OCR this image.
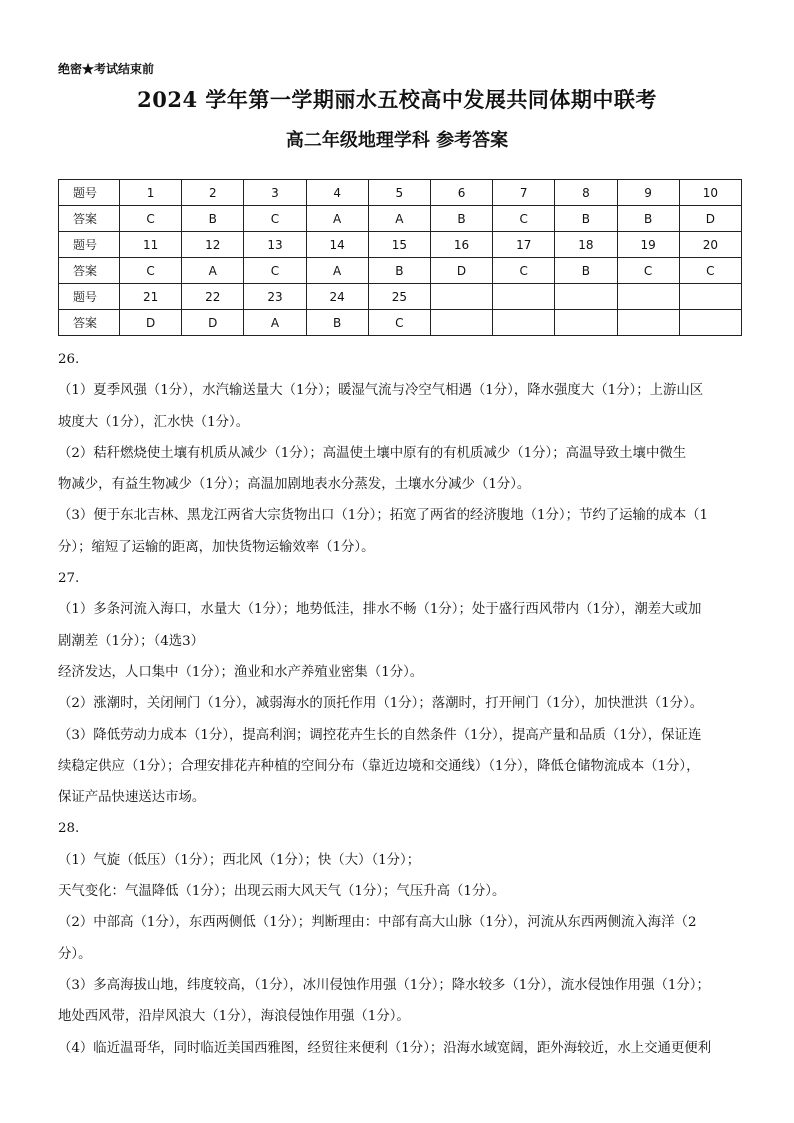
绝密★考试结束前
2024 学年第一学期丽水五校高中发展共同体期中联考
高二年级地理学科 参考答案
题号	1	2	3	4	5	6	7	8	9	10
答案	C	B	C	A	A	B	C	B	B	D
题号	11	12	13	14	15	16	17	18	19	20
答案	C	A	C	A	B	D	C	B	C	C
题号	21	22	23	24	25					
答案	D	D	A	B	C					

26.

（1）夏季风强（1分），水汽输送量大（1分）；暖湿气流与冷空气相遇（1分），降水强度大（1分）；上游山区

坡度大（1分），汇水快（1分）。

（2）秸秆燃烧使土壤有机质从减少（1分）；高温使土壤中原有的有机质减少（1分）；高温导致土壤中微生

物减少，有益生物减少（1分）；高温加剧地表水分蒸发，土壤水分减少（1分）。

（3）便于东北吉林、黑龙江两省大宗货物出口（1分）；拓宽了两省的经济腹地（1分）；节约了运输的成本（1

分）；缩短了运输的距离，加快货物运输效率（1分）。

27.

（1）多条河流入海口，水量大（1分）；地势低洼，排水不畅（1分）；处于盛行西风带内（1分），潮差大或加

剧潮差（1分）；（4选3）

经济发达，人口集中（1分）；渔业和水产养殖业密集（1分）。

（2）涨潮时，关闭闸门（1分），减弱海水的顶托作用（1分）；落潮时，打开闸门（1分），加快泄洪（1分）。

（3）降低劳动力成本（1分），提高利润；调控花卉生长的自然条件（1分），提高产量和品质（1分），保证连

续稳定供应（1分）；合理安排花卉种植的空间分布（靠近边境和交通线）（1分），降低仓储物流成本（1分），

保证产品快速送达市场。

28.

（1）气旋（低压）（1分）；西北风（1分）；快（大）（1分）；

天气变化：气温降低（1分）；出现云雨大风天气（1分）；气压升高（1分）。

（2）中部高（1分），东西两侧低（1分）；判断理由：中部有高大山脉（1分），河流从东西两侧流入海洋（2

分）。

（3）多高海拔山地，纬度较高，（1分），冰川侵蚀作用强（1分）；降水较多（1分），流水侵蚀作用强（1分）；

地处西风带，沿岸风浪大（1分），海浪侵蚀作用强（1分）。

（4）临近温哥华，同时临近美国西雅图，经贸往来便利（1分）；沿海水域宽阔，距外海较近，水上交通更便利
